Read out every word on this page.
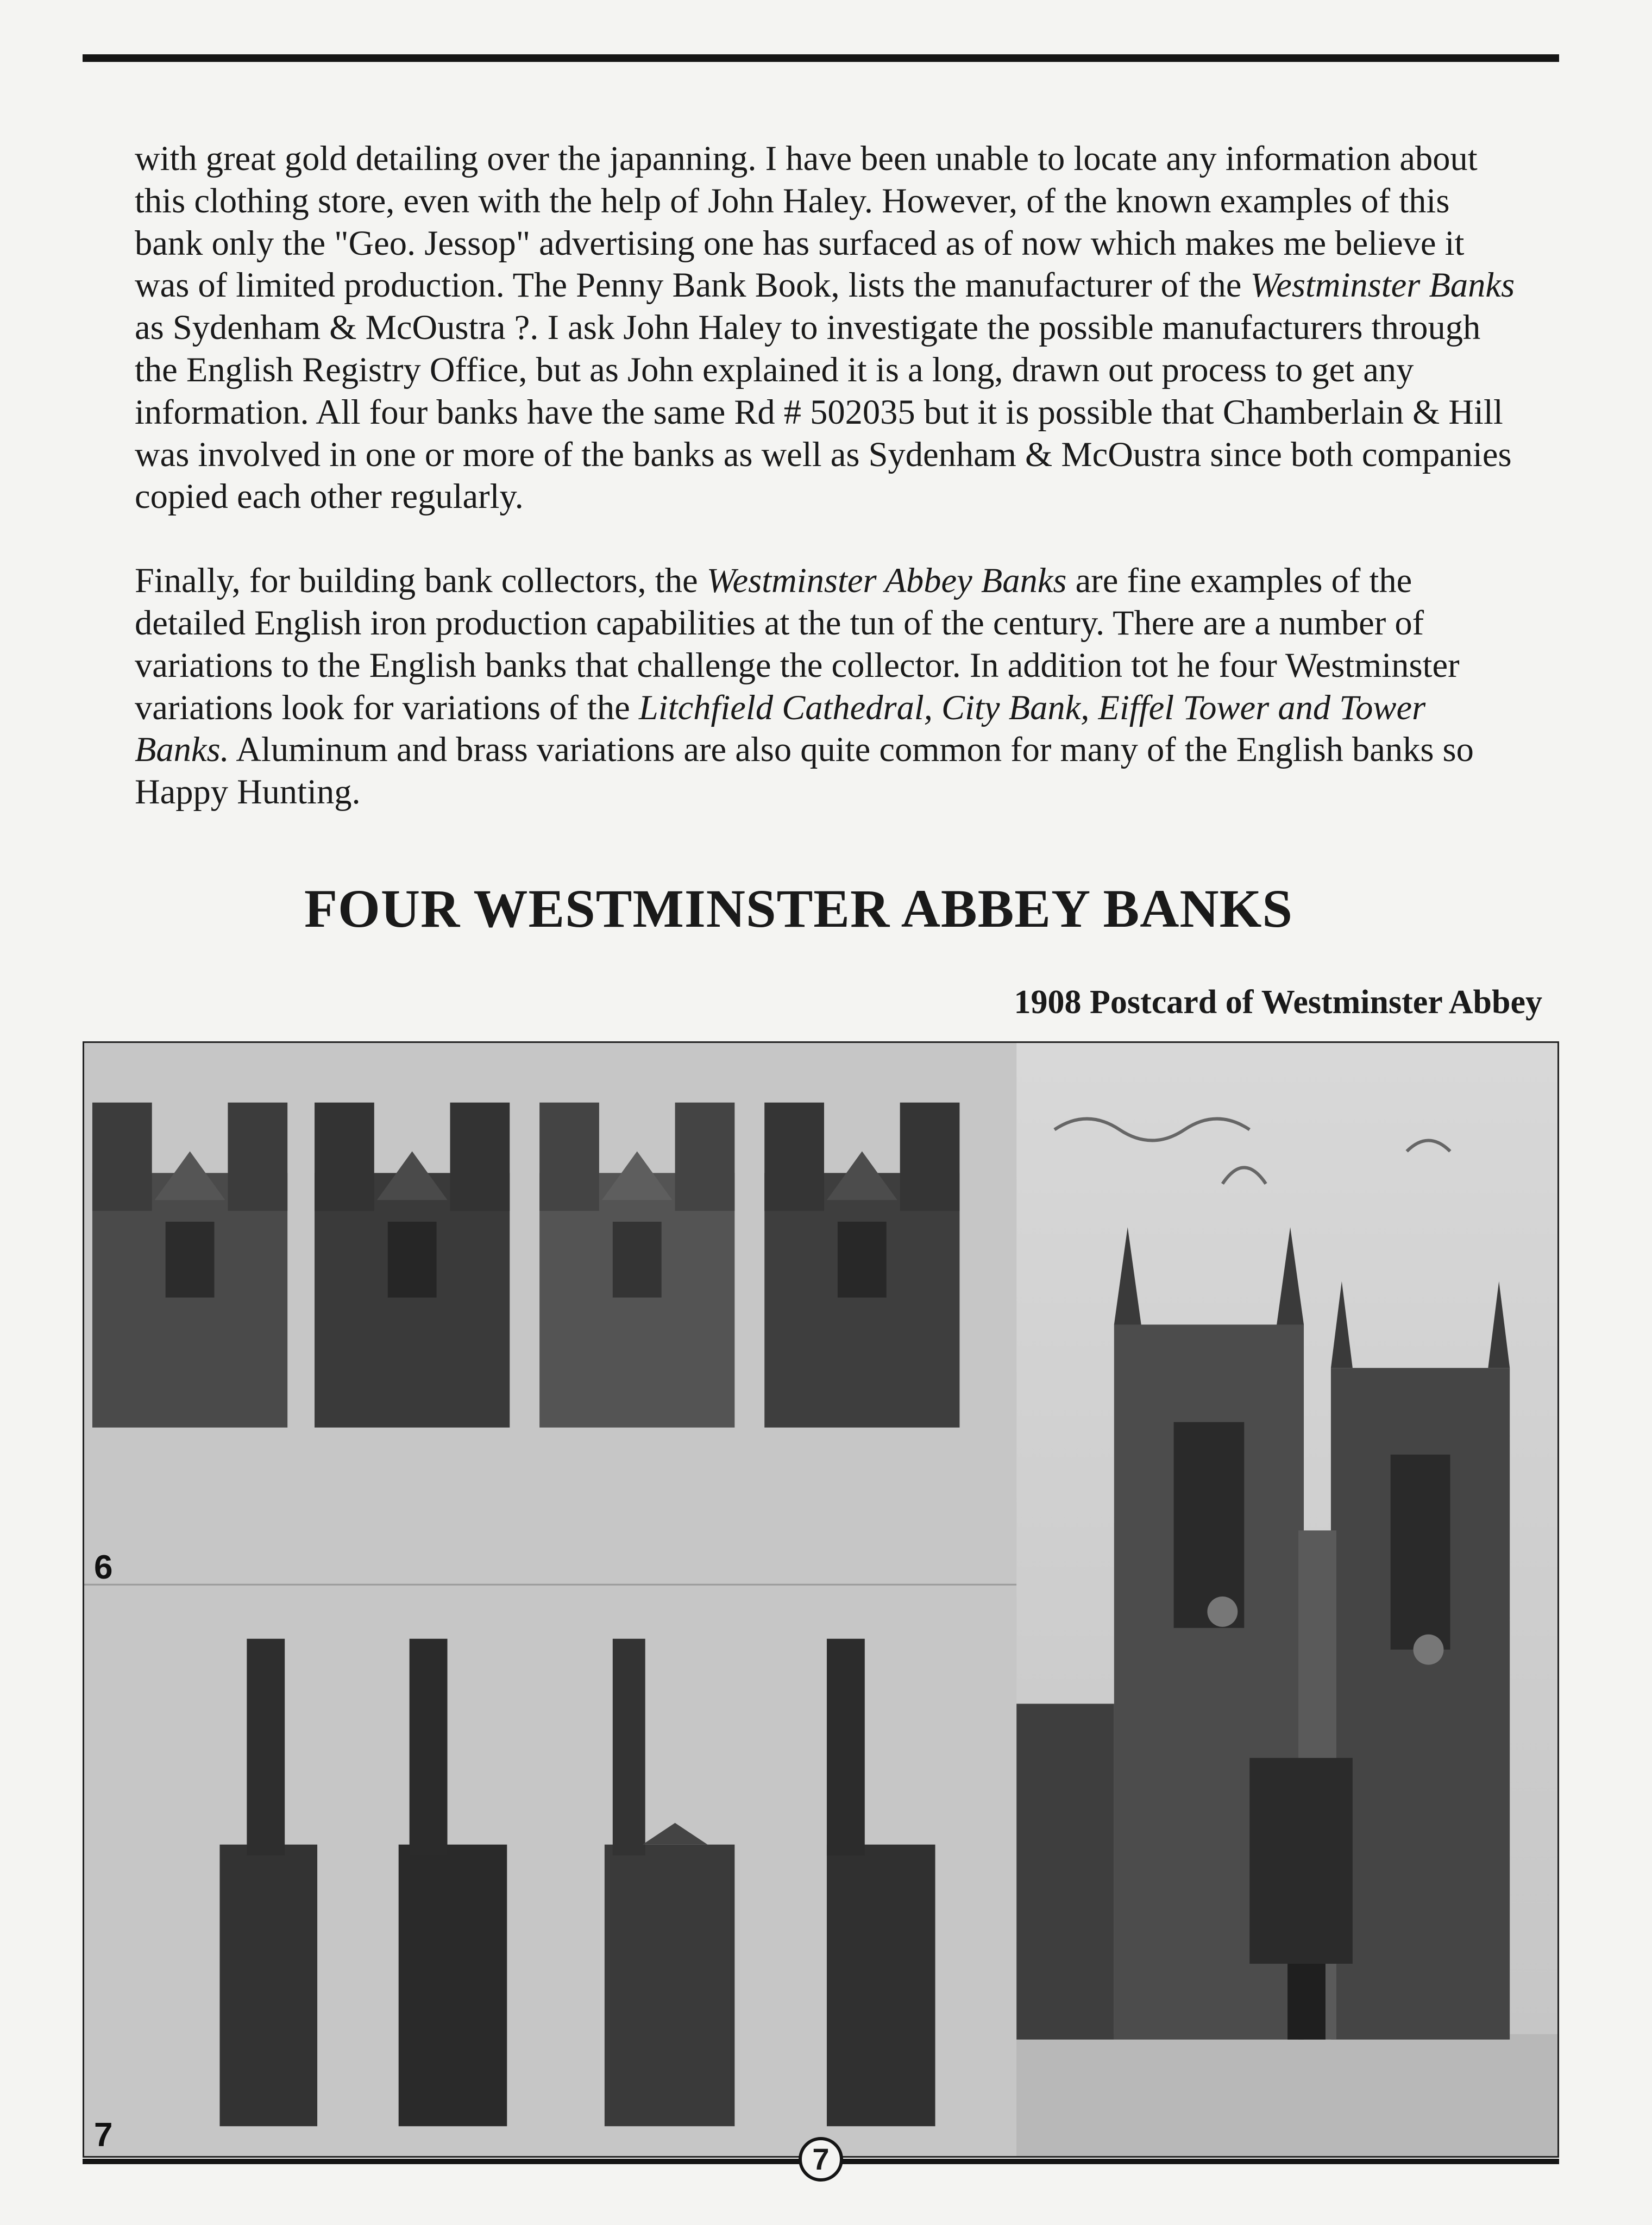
with great gold detailing over the japanning. I have been unable to locate any information about this clothing store, even with the help of John Haley. However, of the known examples of this bank only the "Geo. Jessop" advertising one has surfaced as of now which makes me believe it was of limited production. The Penny Bank Book, lists the manufacturer of the Westminster Banks as Sydenham & McOustra ?. I ask John Haley to investigate the possible manufacturers through the English Registry Office, but as John explained it is a long, drawn out process to get any information. All four banks have the same Rd # 502035 but it is possible that Chamberlain & Hill was involved in one or more of the banks as well as Sydenham & McOustra since both companies copied each other regularly.

Finally, for building bank collectors, the Westminster Abbey Banks are fine examples of the detailed English iron production capabilities at the tun of the century. There are a number of variations to the English banks that challenge the collector. In addition tot he four Westminster variations look for variations of the Litchfield Cathedral, City Bank, Eiffel Tower and Tower Banks. Aluminum and brass variations are also quite common for many of the English banks so Happy Hunting.

FOUR WESTMINSTER ABBEY BANKS
1908 Postcard of Westminster Abbey
6
7
7
